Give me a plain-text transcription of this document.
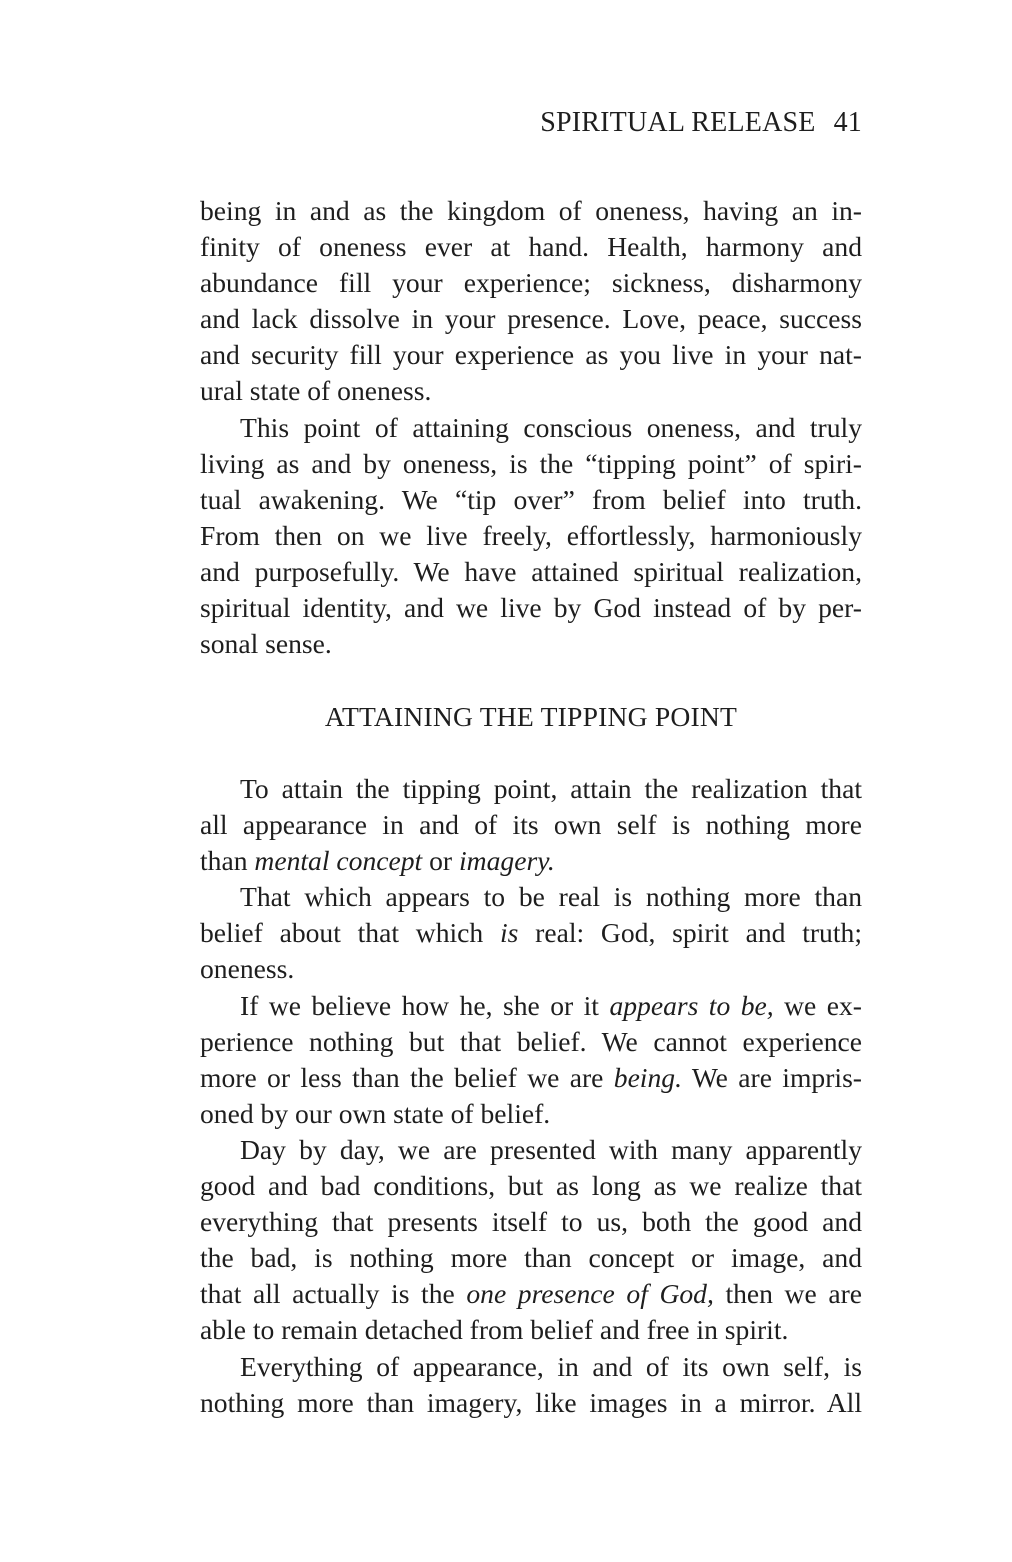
SPIRITUAL RELEASE 41
being in and as the kingdom of oneness, having an in-
finity of oneness ever at hand. Health, harmony and
abundance fill your experience; sickness, disharmony
and lack dissolve in your presence. Love, peace, success
and security fill your experience as you live in your nat-
ural state of oneness.
This point of attaining conscious oneness, and truly
living as and by oneness, is the “tipping point” of spiri-
tual awakening. We “tip over” from belief into truth.
From then on we live freely, effortlessly, harmoniously
and purposefully. We have attained spiritual realization,
spiritual identity, and we live by God instead of by per-
sonal sense.
ATTAINING THE TIPPING POINT
To attain the tipping point, attain the realization that
all appearance in and of its own self is nothing more
than mental concept or imagery.
That which appears to be real is nothing more than
belief about that which is real: God, spirit and truth;
oneness.
If we believe how he, she or it appears to be, we ex-
perience nothing but that belief. We cannot experience
more or less than the belief we are being. We are impris-
oned by our own state of belief.
Day by day, we are presented with many apparently
good and bad conditions, but as long as we realize that
everything that presents itself to us, both the good and
the bad, is nothing more than concept or image, and
that all actually is the one presence of God, then we are
able to remain detached from belief and free in spirit.
Everything of appearance, in and of its own self, is
nothing more than imagery, like images in a mirror. All
